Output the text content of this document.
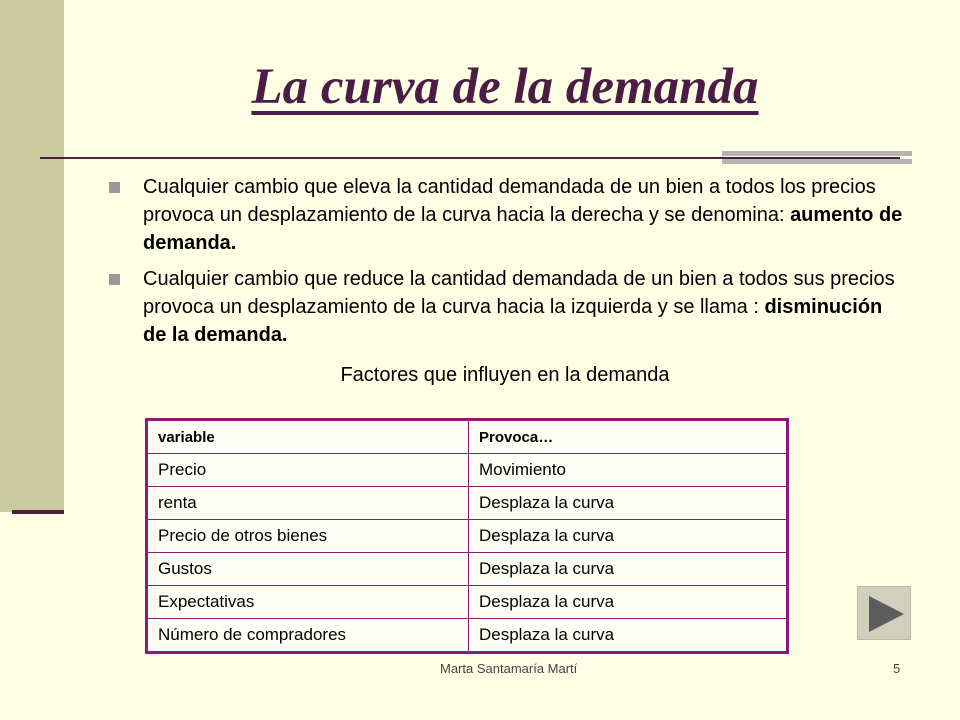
La curva de la demanda
Cualquier cambio que eleva la cantidad demandada de un bien a todos los precios provoca un desplazamiento de la curva hacia la derecha y se denomina: aumento de demanda.
Cualquier cambio que reduce la cantidad demandada de un bien a todos sus precios provoca un desplazamiento de la curva hacia la izquierda y se llama : disminución de la demanda.
Factores que influyen en la demanda
variable	Provoca…
Precio	Movimiento
renta	Desplaza la curva
Precio de otros bienes	Desplaza la curva
Gustos	Desplaza la curva
Expectativas	Desplaza la curva
Número de compradores	Desplaza la curva
Marta Santamaría Martí	5
